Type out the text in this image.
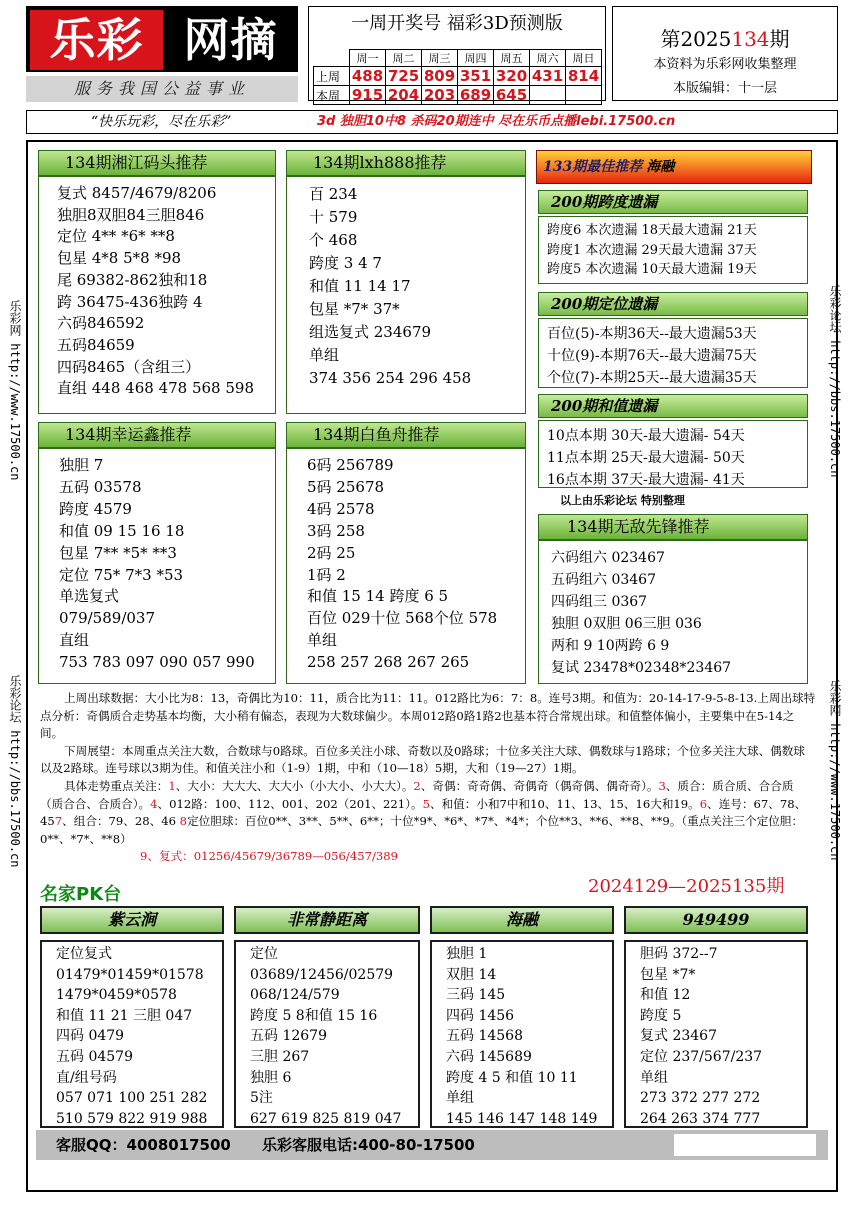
乐彩 网摘
服务我国公益事业
一周开奖号 福彩3D预测版
	周一	周二	周三	周四	周五	周六	周日
上周	488	725	809	351	320	431	814
本周	915	204	203	689	645		
第2025134期
本资料为乐彩网收集整理
本版编辑：十一层
“快乐玩彩，尽在乐彩”	3d 独胆10中8 杀码20期连中 尽在乐币点播lebi.17500.cn
乐彩网 http://www.17500.cn
乐彩论坛 http://bbs.17500.cn
乐彩论坛 http://bbs.17500.cn
乐彩网 http://www.17500.cn
134期湘江码头推荐
复式 8457/4679/8206
独胆8双胆84三胆846
定位 4** *6* **8
包星 4*8 5*8 *98
尾 69382-862独和18
跨 36475-436独跨 4
六码846592
五码84659
四码8465（含组三）
直组 448 468 478 568 598
134期幸运鑫推荐
独胆 7
五码 03578
跨度 4579
和值 09 15 16 18
包星 7** *5* **3
定位 75* 7*3 *53
单选复式
079/589/037
直组
753 783 097 090 057 990
134期lxh888推荐
百 234
十 579
个 468
跨度 3 4 7
和值 11 14 17
包星 *7* 37*
组选复式 234679
单组
374 356 254 296 458
134期白鱼舟推荐
6码 256789
5码 25678
4码 2578
3码 258
2码 25
1码 2
和值 15 14 跨度 6 5
百位 029十位 568个位 578
单组
258 257 268 267 265
133期最佳推荐 海融
200期跨度遗漏
跨度6 本次遗漏 18天最大遗漏 21天
跨度1 本次遗漏 29天最大遗漏 37天
跨度5 本次遗漏 10天最大遗漏 19天
200期定位遗漏
百位(5)-本期36天--最大遗漏53天
十位(9)-本期76天--最大遗漏75天
个位(7)-本期25天--最大遗漏35天
200期和值遗漏
10点本期 30天-最大遗漏- 54天
11点本期 25天-最大遗漏- 50天
16点本期 37天-最大遗漏- 41天
以上由乐彩论坛 特别整理
134期无敌先锋推荐
六码组六 023467
五码组六 03467
四码组三 0367
独胆 0双胆 06三胆 036
两和 9 10两跨 6 9
复试 23478*02348*23467

上周出球数据：大小比为8：13，奇偶比为10：11，质合比为11：11。012路比为6：7：8。连号3期。和值为：20-14-17-9-5-8-13.上周出球特点分析：奇偶质合走势基本均衡，大小稍有偏态，表现为大数球偏少。本周012路0路1路2也基本符合常规出球。和值整体偏小，主要集中在5-14之间。

下周展望：本周重点关注大数，合数球与0路球。百位多关注小球、奇数以及0路球；十位多关注大球、偶数球与1路球；个位多关注大球、偶数球以及2路球。连号球以3期为佳。和值关注小和（1-9）1期，中和（10—18）5期，大和（19—27）1期。

具体走势重点关注：1、大小：大大大、大大小（小大小、小大大）。2、奇偶：奇奇偶、奇偶奇（偶奇偶、偶奇奇）。3、质合：质合质、合合质（质合合、合质合）。4、012路：100、112、001、202（201、221）。5、和值：小和7中和10、11、13、15、16大和19。6、连号：67、78、457、组合：79、28、46 8定位胆球：百位0**、3**、5**、6**；十位*9*、*6*、*7*、*4*；个位**3、**6、**8、**9。（重点关注三个定位胆：0**、*7*、**8）

9、复式：01256/45679/36789—056/457/389

名家PK台	2024129—2025135期
紫云涧
定位复式
01479*01459*01578
1479*0459*0578
和值 11 21 三胆 047
四码 0479
五码 04579
直/组号码
057 071 100 251 282
510 579 822 919 988
非常静距离
定位
03689/12456/02579
068/124/579
跨度 5 8和值 15 16
五码 12679
三胆 267
独胆 6
5注
627 619 825 819 047
海融
独胆 1
双胆 14
三码 145
四码 1456
五码 14568
六码 145689
跨度 4 5 和值 10 11
单组
145 146 147 148 149
949499
胆码 372--7
包星 *7*
和值 12
跨度 5
复式 23467
定位 237/567/237
单组
273 372 277 272
264 263 374 777
客服QQ：4008017500 乐彩客服电话:400-80-17500
